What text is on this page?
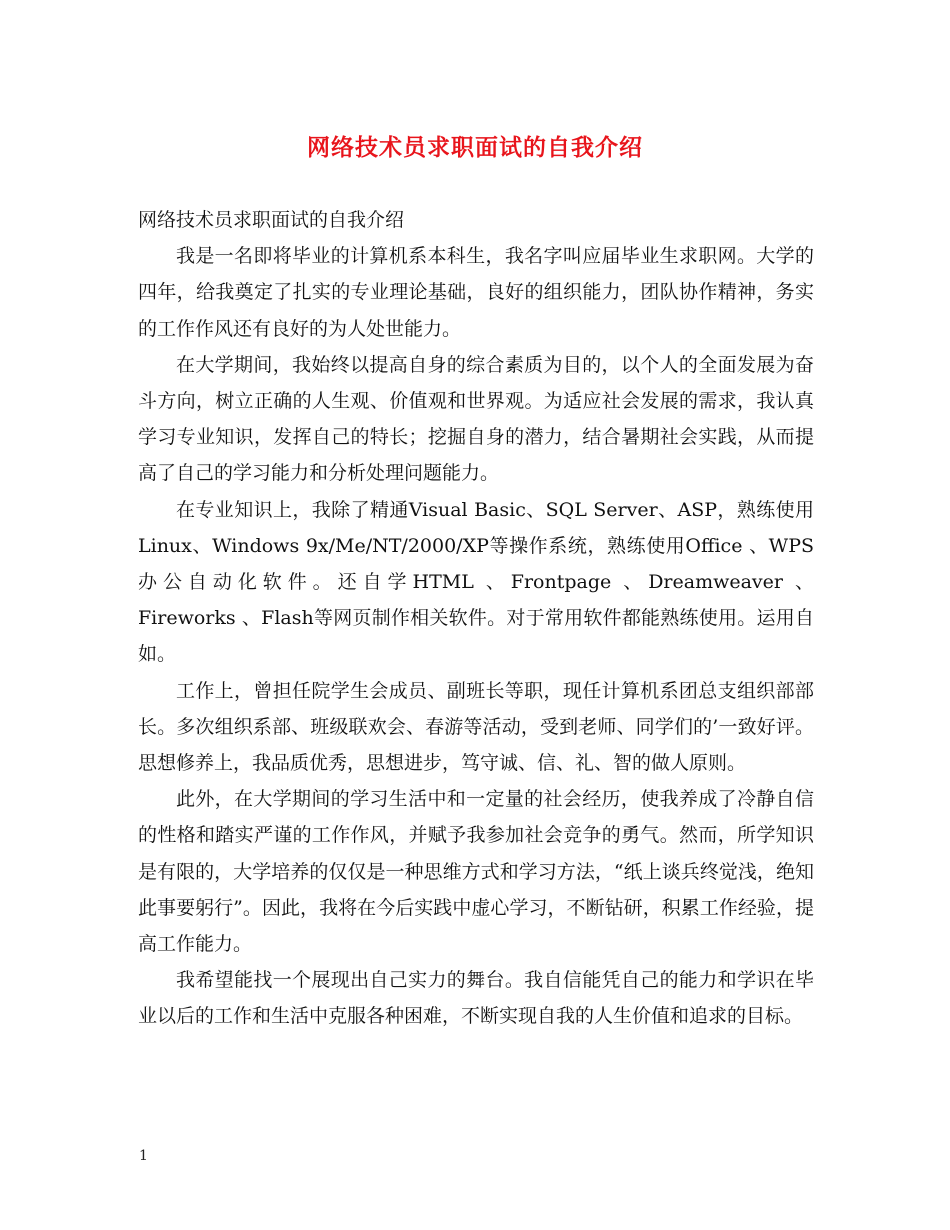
网络技术员求职面试的自我介绍

网络技术员求职面试的自我介绍

我是一名即将毕业的计算机系本科生，我名字叫应届毕业生求职网。大学的四年，给我奠定了扎实的专业理论基础，良好的组织能力，团队协作精神，务实的工作作风还有良好的为人处世能力。

在大学期间，我始终以提高自身的综合素质为目的，以个人的全面发展为奋斗方向，树立正确的人生观、价值观和世界观。为适应社会发展的需求，我认真学习专业知识，发挥自己的特长；挖掘自身的潜力，结合暑期社会实践，从而提高了自己的学习能力和分析处理问题能力。

在专业知识上，我除了精通Visual Basic、SQL Server、ASP，熟练使用Linux、Windows 9x/Me/NT/2000/XP等操作系统，熟练使用Office 、WPS 办公自动化软件。还自学HTML 、Frontpage 、Dreamweaver 、Fireworks 、Flash等网页制作相关软件。对于常用软件都能熟练使用。运用自如。

工作上，曾担任院学生会成员、副班长等职，现任计算机系团总支组织部部长。多次组织系部、班级联欢会、春游等活动，受到老师、同学们的’一致好评。思想修养上，我品质优秀，思想进步，笃守诚、信、礼、智的做人原则。

此外，在大学期间的学习生活中和一定量的社会经历，使我养成了冷静自信的性格和踏实严谨的工作作风，并赋予我参加社会竞争的勇气。然而，所学知识是有限的，大学培养的仅仅是一种思维方式和学习方法，“纸上谈兵终觉浅，绝知此事要躬行”。因此，我将在今后实践中虚心学习，不断钻研，积累工作经验，提高工作能力。

我希望能找一个展现出自己实力的舞台。我自信能凭自己的能力和学识在毕业以后的工作和生活中克服各种困难，不断实现自我的人生价值和追求的目标。

1
